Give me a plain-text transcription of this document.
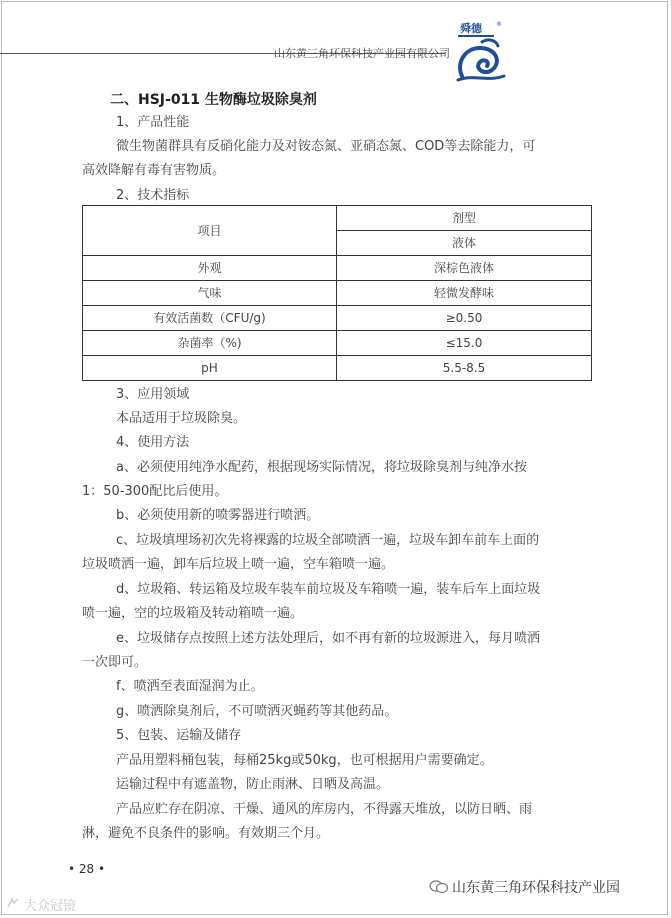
山东黄三角环保科技产业园有限公司
舜德 ®
二、HSJ-011 生物酶垃圾除臭剂
1、产品性能
微生物菌群具有反硝化能力及对铵态氮、亚硝态氮、COD等去除能力，可
高效降解有毒有害物质。
2、技术指标
项目	剂型
	液体
外观	深棕色液体
气味	轻微发酵味
有效活菌数（CFU/g)	≥0.50
杂菌率（%)	≤15.0
pH	5.5-8.5
3、应用领域
本品适用于垃圾除臭。
4、使用方法
a、必须使用纯净水配药，根据现场实际情况，将垃圾除臭剂与纯净水按
1：50-300配比后使用。
b、必须使用新的喷雾器进行喷洒。
c、垃圾填埋场初次先将裸露的垃圾全部喷洒一遍，垃圾车卸车前车上面的
垃圾喷洒一遍，卸车后垃圾上喷一遍，空车箱喷一遍。
d、垃圾箱、转运箱及垃圾车装车前垃圾及车箱喷一遍，装车后车上面垃圾
喷一遍，空的垃圾箱及转动箱喷一遍。
e、垃圾储存点按照上述方法处理后，如不再有新的垃圾源进入，每月喷洒
一次即可。
f、喷洒至表面湿润为止。
g、喷洒除臭剂后，不可喷洒灭蝇药等其他药品。
5、包装、运输及储存
产品用塑料桶包装，每桶25kg或50kg，也可根据用户需要确定。
运输过程中有遮盖物，防止雨淋、日晒及高温。
产品应贮存在阴凉、干燥、通风的库房内，不得露天堆放，以防日晒、雨
淋，避免不良条件的影响。有效期三个月。
• 28 •
山东黄三角环保科技产业园
大众冠镜
